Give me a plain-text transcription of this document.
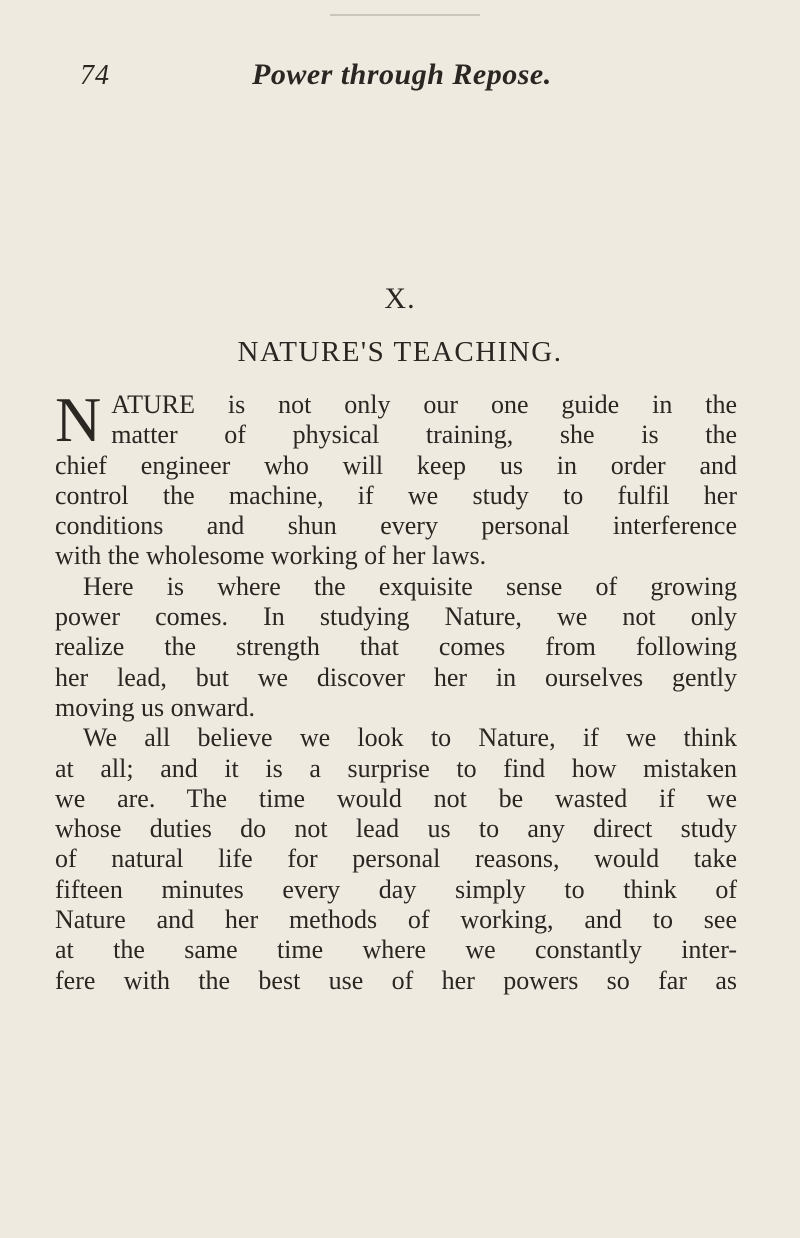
74	Power through Repose.
X.
NATURE'S TEACHING.
N ATURE is not only our one guide in the
matter of physical training, she is the
chief engineer who will keep us in order and
control the machine, if we study to fulfil her
conditions and shun every personal interference
with the wholesome working of her laws.
Here is where the exquisite sense of growing
power comes. In studying Nature, we not only
realize the strength that comes from following
her lead, but we discover her in ourselves gently
moving us onward.
We all believe we look to Nature, if we think
at all; and it is a surprise to find how mistaken
we are. The time would not be wasted if we
whose duties do not lead us to any direct study
of natural life for personal reasons, would take
fifteen minutes every day simply to think of
Nature and her methods of working, and to see
at the same time where we constantly inter-
fere with the best use of her powers so far as
